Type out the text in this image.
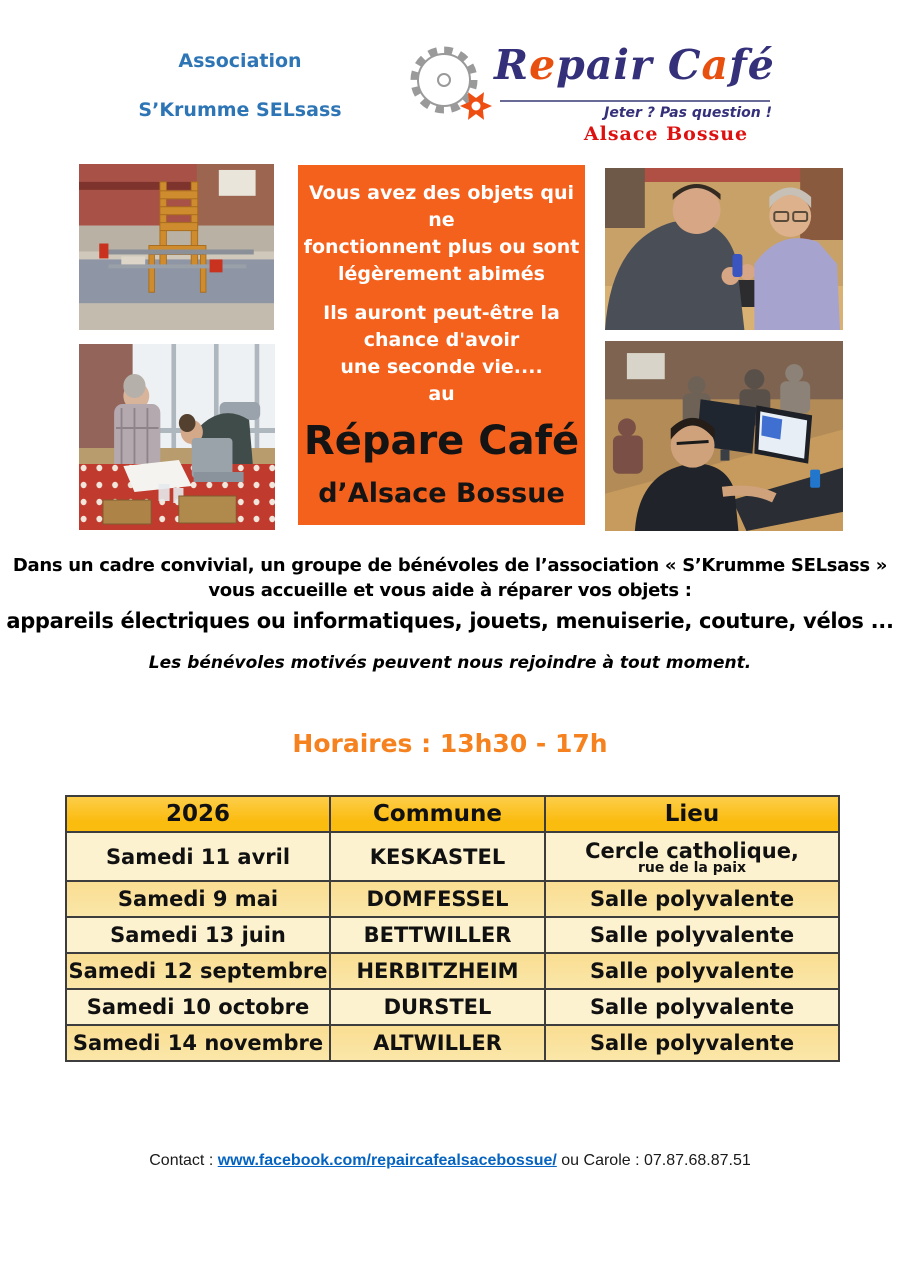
Association
S’Krumme SELsass
Repair Café
Jeter ? Pas question !
Alsace Bossue
Vous avez des objets qui ne
fonctionnent plus ou sont
légèrement abimés
Ils auront peut-être la
chance d'avoir
une seconde vie....
au
Répare Café
d’Alsace Bossue
Participation libre
Dans un cadre convivial, un groupe de bénévoles de l’association « S’Krumme SELsass »
vous accueille et vous aide à réparer vos objets :
appareils électriques ou informatiques, jouets, menuiserie, couture, vélos ...
Les bénévoles motivés peuvent nous rejoindre à tout moment.
Horaires : 13h30 - 17h
2026	Commune	Lieu
Samedi 11 avril	KESKASTEL	Cercle catholique,
rue de la paix

Samedi 9 mai	DOMFESSEL	Salle polyvalente
Samedi 13 juin	BETTWILLER	Salle polyvalente
Samedi 12 septembre	HERBITZHEIM	Salle polyvalente
Samedi 10 octobre	DURSTEL	Salle polyvalente
Samedi 14 novembre	ALTWILLER	Salle polyvalente
Contact : www.facebook.com/repaircafealsacebossue/ ou Carole : 07.87.68.87.51
